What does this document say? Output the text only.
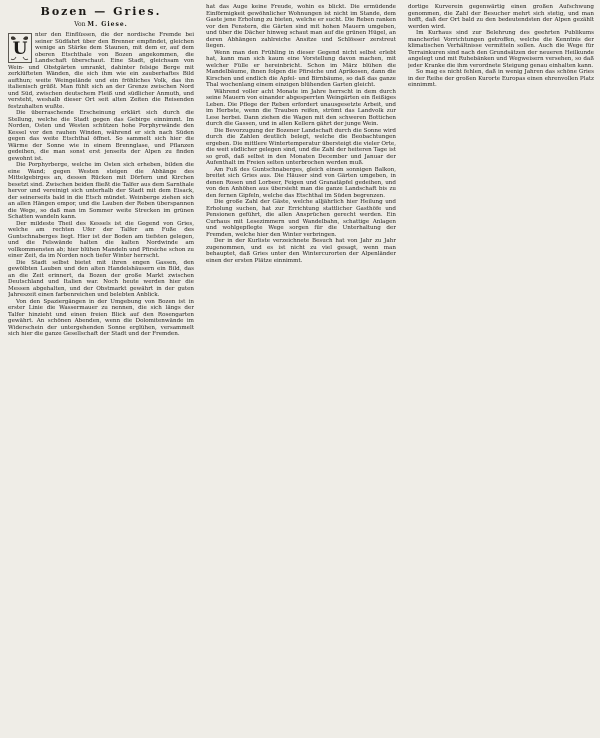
Bozen — Gries.
Von M. Giese.
U

nter den Einflüssen, die der nordische Fremde bei seiner Südfahrt über den Brenner empfindet, gleichen wenige an Stärke dem Staunen, mit dem er, auf dem oberen Etschthale von Bozen angekommen, die Landschaft überschaut. Eine Stadt, gleichsam von Wein- und Obstgärten umrankt, dahinter felsige Berge mit zerklüfteten Wänden, die sich ihm wie ein zauberhaftes Bild aufthun; weite Weingelände und ein fröhliches Volk, das ihn italienisch grüßt. Man fühlt sich an der Grenze zwischen Nord und Süd, zwischen deutschem Fleiß und südlicher Anmuth, und versteht, weshalb dieser Ort seit alten Zeiten die Reisenden festzuhalten wußte.

Die überraschende Erscheinung erklärt sich durch die Stellung, welche die Stadt gegen das Gebirge einnimmt. Im Norden, Osten und Westen schützen hohe Porphyrwände den Kessel vor den rauhen Winden, während er sich nach Süden gegen das weite Etschthal öffnet. So sammelt sich hier die Wärme der Sonne wie in einem Brennglase, und Pflanzen gedeihen, die man sonst erst jenseits der Alpen zu finden gewohnt ist.

Die Porphyrberge, welche im Osten sich erheben, bilden die eine Wand; gegen Westen steigen die Abhänge des Mittelgebirges an, dessen Rücken mit Dörfern und Kirchen besetzt sind. Zwischen beiden fließt die Talfer aus dem Sarnthale hervor und vereinigt sich unterhalb der Stadt mit dem Eisack, der seinerseits bald in die Etsch mündet. Weinberge ziehen sich an allen Hängen empor, und die Lauben der Reben überspannen die Wege, so daß man im Sommer weite Strecken im grünen Schatten wandeln kann.

Der mildeste Theil des Kessels ist die Gegend von Gries, welche am rechten Ufer der Talfer am Fuße des Guntschnaberges liegt. Hier ist der Boden am tiefsten gelegen, und die Felswände halten die kalten Nordwinde am vollkommensten ab; hier blühen Mandeln und Pfirsiche schon zu einer Zeit, da im Norden noch tiefer Winter herrscht.

Die Stadt selbst bietet mit ihren engen Gassen, den gewölbten Lauben und den alten Handelshäusern ein Bild, das an die Zeit erinnert, da Bozen der große Markt zwischen Deutschland und Italien war. Noch heute werden hier die Messen abgehalten, und der Obstmarkt gewährt in der guten Jahreszeit einen farbenreichen und belebten Anblick.

Von den Spaziergängen in der Umgebung von Bozen ist in erster Linie die Wassermauer zu nennen, die sich längs der Talfer hinzieht und einen freien Blick auf den Rosengarten gewährt. An schönen Abenden, wenn die Dolomitenwände im Widerschein der untergehenden Sonne erglühen, versammelt sich hier die ganze Gesellschaft der Stadt und der Fremden.

hat das Auge keine Freude, wohin es blickt. Die ermüdende Einförmigkeit gewöhnlicher Wohnungen ist nicht im Stande, dem Gaste jene Erholung zu bieten, welche er sucht. Die Reben ranken vor den Fenstern, die Gärten sind mit hohen Mauern umgeben, und über die Dächer hinweg schaut man auf die grünen Hügel, an deren Abhängen zahlreiche Ansitze und Schlösser zerstreut liegen.

Wenn man den Frühling in dieser Gegend nicht selbst erlebt hat, kann man sich kaum eine Vorstellung davon machen, mit welcher Fülle er hereinbricht. Schon im März blühen die Mandelbäume, ihnen folgen die Pfirsiche und Aprikosen, dann die Kirschen und endlich die Apfel- und Birnbäume, so daß das ganze Thal wochenlang einem einzigen blühenden Garten gleicht.

Während voller acht Monate im Jahre herrscht in dem durch seine Mauern von einander abgesperrten Weingärten ein fleißiges Leben. Die Pflege der Reben erfordert unausgesetzte Arbeit, und im Herbste, wenn die Trauben reifen, strömt das Landvolk zur Lese herbei. Dann ziehen die Wagen mit den schweren Bottichen durch die Gassen, und in allen Kellern gährt der junge Wein.

Die Bevorzugung der Bozener Landschaft durch die Sonne wird durch die Zahlen deutlich belegt, welche die Beobachtungen ergeben. Die mittlere Wintertemperatur übersteigt die vieler Orte, die weit südlicher gelegen sind, und die Zahl der heiteren Tage ist so groß, daß selbst in den Monaten December und Januar der Aufenthalt im Freien selten unterbrochen werden muß.

Am Fuß des Guntschnaberges, gleich einem sonnigen Balkon, breitet sich Gries aus. Die Häuser sind von Gärten umgeben, in denen Rosen und Lorbeer, Feigen und Granatäpfel gedeihen, und von den Anhöhen aus übersieht man die ganze Landschaft bis zu den fernen Gipfeln, welche das Etschthal im Süden begrenzen.

Die große Zahl der Gäste, welche alljährlich hier Heilung und Erholung suchen, hat zur Errichtung stattlicher Gasthöfe und Pensionen geführt, die allen Ansprüchen gerecht werden. Ein Curhaus mit Lesezimmern und Wandelbahn, schattige Anlagen und wohlgepflegte Wege sorgen für die Unterhaltung der Fremden, welche hier den Winter verbringen.

Der in der Kurliste verzeichnete Besuch hat von Jahr zu Jahr zugenommen, und es ist nicht zu viel gesagt, wenn man behauptet, daß Gries unter den Wintercurorten der Alpenländer einen der ersten Plätze einnimmt.

dortige Kurverein gegenwärtig einen großen Aufschwung genommen, die Zahl der Besucher mehrt sich stetig, und man hofft, daß der Ort bald zu den bedeutendsten der Alpen gezählt werden wird.

Im Kurhaus sind zur Belehrung des geehrten Publikums mancherlei Vorrichtungen getroffen, welche die Kenntnis der klimatischen Verhältnisse vermitteln sollen. Auch die Wege für Terrainkuren sind nach den Grundsätzen der neueren Heilkunde angelegt und mit Ruhebänken und Wegweisern versehen, so daß jeder Kranke die ihm verordnete Steigung genau einhalten kann.

So mag es nicht fehlen, daß in wenig Jahren das schöne Gries in der Reihe der großen Kurorte Europas einen ehrenvollen Platz einnimmt.
